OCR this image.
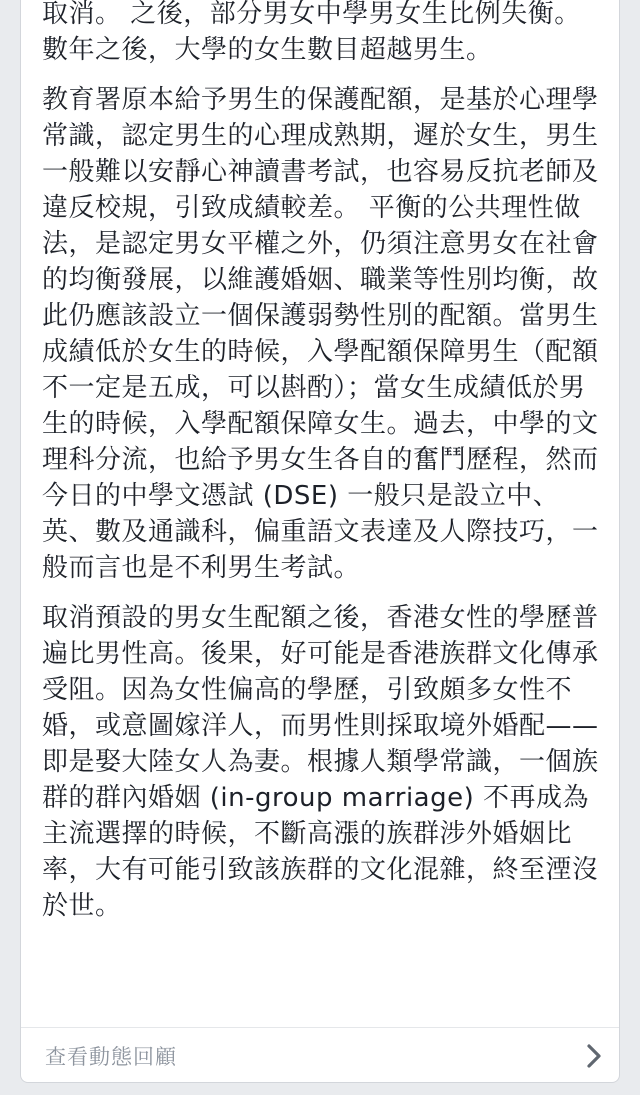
取消。 之後，部分男女中學男女生比例失衡。數年之後，大學的女生數目超越男生。

教育署原本給予男生的保護配額，是基於心理學常識，認定男生的心理成熟期，遲於女生，男生一般難以安靜心神讀書考試，也容易反抗老師及違反校規，引致成績較差。 平衡的公共理性做法，是認定男女平權之外，仍須注意男女在社會的均衡發展，以維護婚姻、職業等性別均衡，故此仍應該設立一個保護弱勢性別的配額。當男生成績低於女生的時候，入學配額保障男生（配額不一定是五成，可以斟酌）；當女生成績低於男生的時候，入學配額保障女生。過去，中學的文理科分流，也給予男女生各自的奮鬥歷程，然而今日的中學文憑試 (DSE) 一般只是設立中、英、數及通識科，偏重語文表達及人際技巧，一般而言也是不利男生考試。

取消預設的男女生配額之後，香港女性的學歷普遍比男性高。後果，好可能是香港族群文化傳承受阻。因為女性偏高的學歷，引致頗多女性不婚，或意圖嫁洋人，而男性則採取境外婚配——即是娶大陸女人為妻。根據人類學常識，一個族群的群內婚姻 (in-group marriage) 不再成為主流選擇的時候，不斷高漲的族群涉外婚姻比率，大有可能引致該族群的文化混雜，終至湮沒於世。

查看動態回顧
